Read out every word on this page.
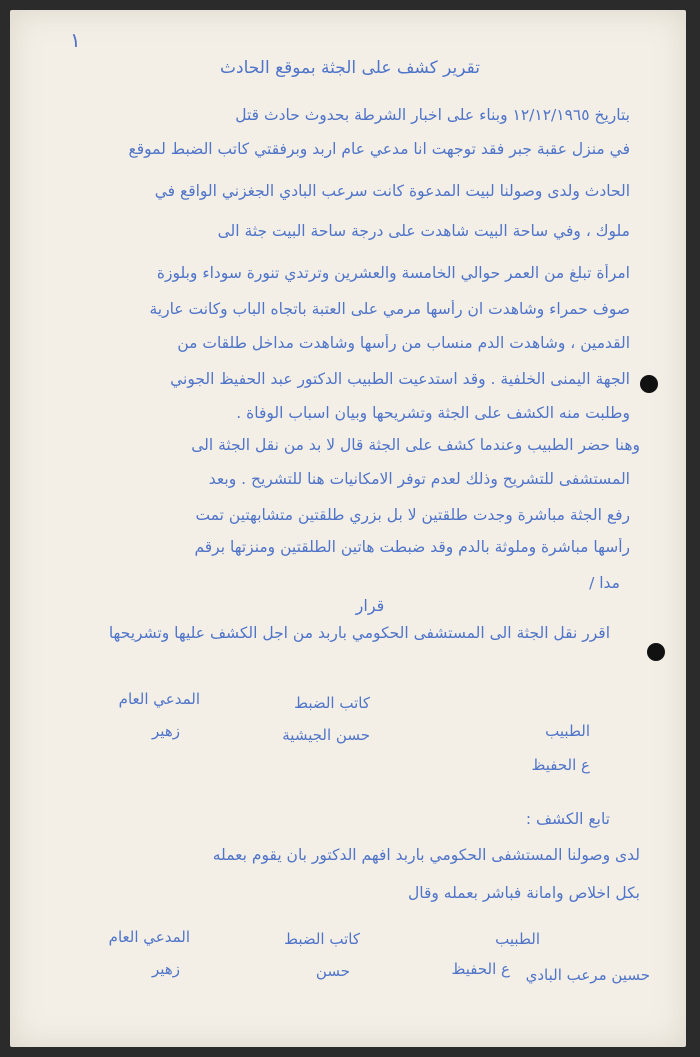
١
تقرير كشف على الجثة بموقع الحادث
بتاريخ ١٢/١٢/١٩٦٥ وبناء على اخبار الشرطة بحدوث حادث قتل
في منزل عقبة جبر فقد توجهت انا مدعي عام اربد وبرفقتي كاتب الضبط لموقع
الحادث ولدى وصولنا لبيت المدعوة كانت سرعب البادي الجغزني الواقع في
ملوك ، وفي ساحة البيت شاهدت على درجة ساحة البيت جثة الى
امرأة تبلغ من العمر حوالي الخامسة والعشرين وترتدي تنورة سوداء وبلوزة
صوف حمراء وشاهدت ان رأسها مرمي على العتبة باتجاه الباب وكانت عارية
القدمين ، وشاهدت الدم منساب من رأسها وشاهدت مداخل طلقات من
الجهة اليمنى الخلفية . وقد استدعيت الطبيب الدكتور عبد الحفيظ الجوني
وطلبت منه الكشف على الجثة وتشريحها وبيان اسباب الوفاة .
وهنا حضر الطبيب وعندما كشف على الجثة قال لا بد من نقل الجثة الى
المستشفى للتشريح وذلك لعدم توفر الامكانيات هنا للتشريح . وبعد
رفع الجثة مباشرة وجدت طلقتين لا بل بزري طلقتين متشابهتين تمت
رأسها مباشرة وملوثة بالدم وقد ضبطت هاتين الطلقتين ومنزتها برقم
مدا /
قرار
اقرر نقل الجثة الى المستشفى الحكومي باربد من اجل الكشف عليها وتشريحها
المدعي العام
زهير
كاتب الضبط
حسن الجيشية	الطبيب
ع الحفيظ
تابع الكشف :
لدى وصولنا المستشفى الحكومي باربد افهم الدكتور بان يقوم بعمله
بكل اخلاص وامانة فباشر بعمله وقال
المدعي العام
زهير
كاتب الضبط
حسن
الطبيب
ع الحفيظ	حسين مرعب البادي
